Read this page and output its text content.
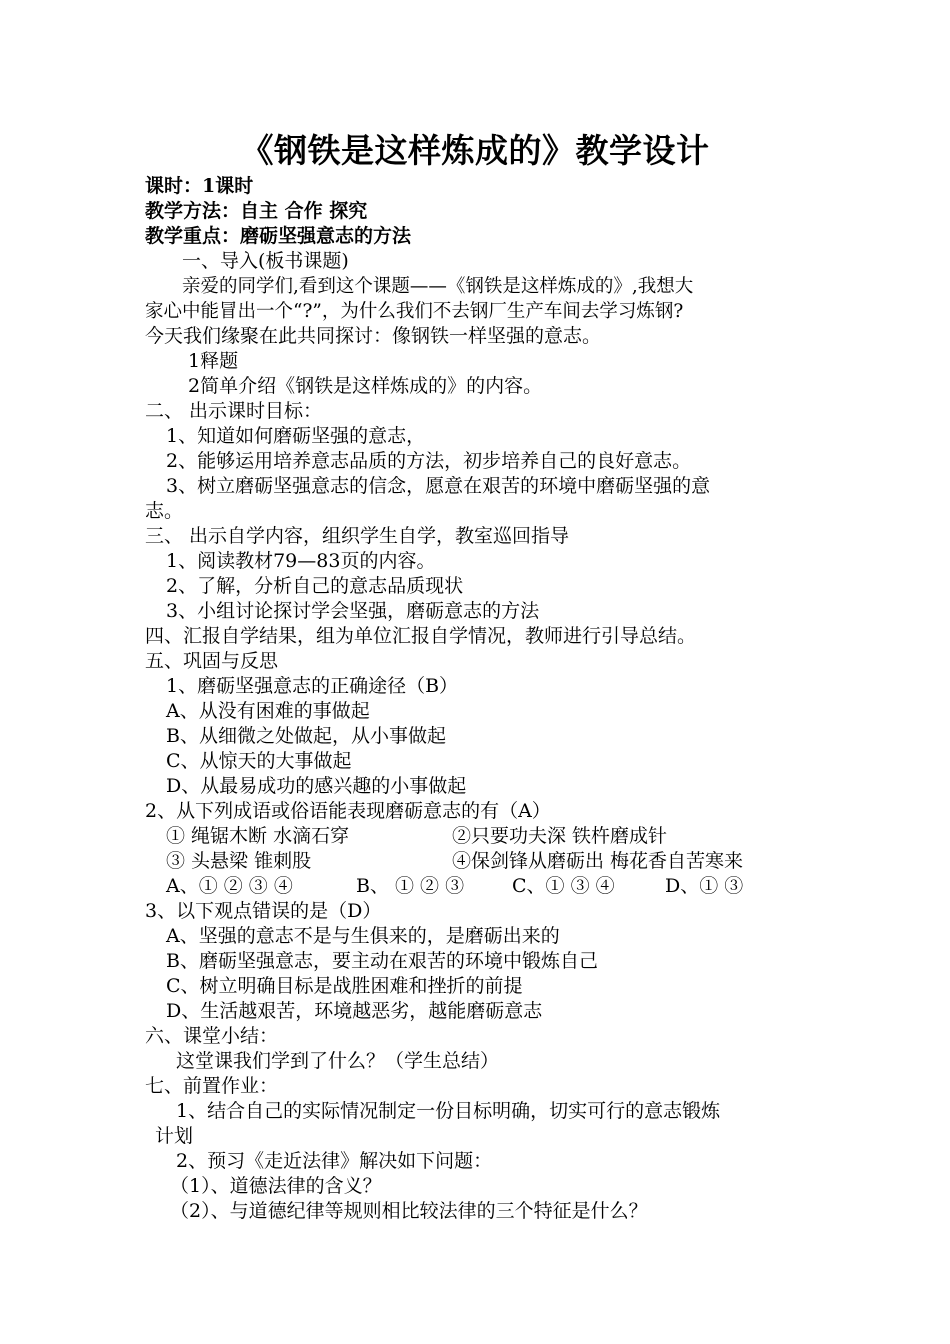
《钢铁是这样炼成的》教学设计
课时：1课时
教学方法：自主 合作 探究
教学重点：磨砺坚强意志的方法
一、导入(板书课题)
亲爱的同学们,看到这个课题——《钢铁是这样炼成的》,我想大
家心中能冒出一个“?”，为什么我们不去钢厂生产车间去学习炼钢?
今天我们缘聚在此共同探讨：像钢铁一样坚强的意志。
1释题
2简单介绍《钢铁是这样炼成的》的内容。
二、 出示课时目标：
1、知道如何磨砺坚强的意志，
2、能够运用培养意志品质的方法，初步培养自己的良好意志。
3、树立磨砺坚强意志的信念，愿意在艰苦的环境中磨砺坚强的意
志。
三、 出示自学内容，组织学生自学，教室巡回指导
1、阅读教材79—83页的内容。
2、了解，分析自己的意志品质现状
3、小组讨论探讨学会坚强，磨砺意志的方法
四、汇报自学结果，组为单位汇报自学情况，教师进行引导总结。
五、巩固与反思
1、磨砺坚强意志的正确途径（B）
A、从没有困难的事做起
B、从细微之处做起，从小事做起
C、从惊天的大事做起
D、从最易成功的感兴趣的小事做起
2、从下列成语或俗语能表现磨砺意志的有（A）
① 绳锯木断 水滴石穿	②只要功夫深 铁杵磨成针
③ 头悬梁 锥刺股	④保剑锋从磨砺出 梅花香自苦寒来
A、① ② ③ ④	B、 ① ② ③	C、① ③ ④	D、① ③
3、以下观点错误的是（D）
A、坚强的意志不是与生俱来的，是磨砺出来的
B、磨砺坚强意志，要主动在艰苦的环境中锻炼自己
C、树立明确目标是战胜困难和挫折的前提
D、生活越艰苦，环境越恶劣，越能磨砺意志
六、课堂小结：
这堂课我们学到了什么？（学生总结）
七、前置作业：
1、结合自己的实际情况制定一份目标明确，切实可行的意志锻炼
计划
2、预习《走近法律》解决如下问题：
（1）、道德法律的含义？
（2）、与道德纪律等规则相比较法律的三个特征是什么？
